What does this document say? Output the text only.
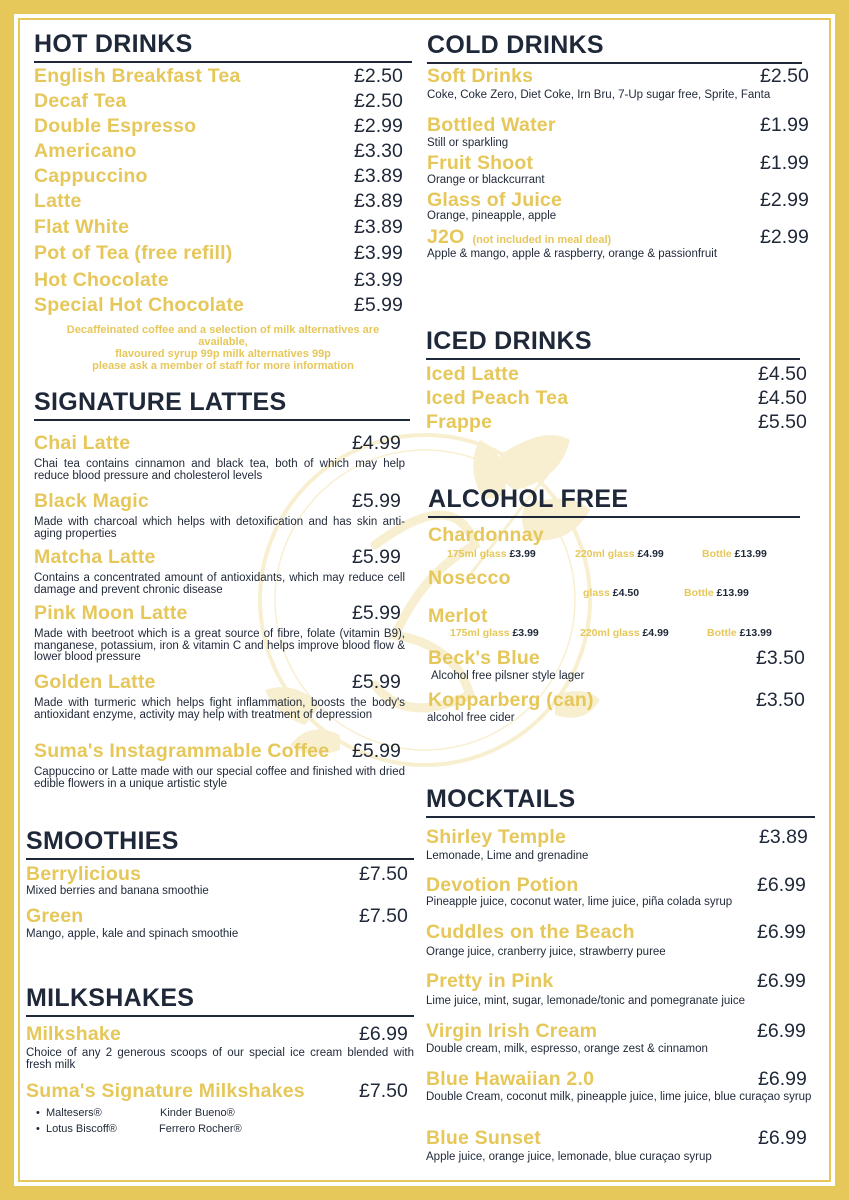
HOT DRINKS
English Breakfast Tea	£2.50
Decaf Tea	£2.50
Double Espresso	£2.99
Americano	£3.30
Cappuccino	£3.89
Latte	£3.89
Flat White	£3.89
Pot of Tea (free refill)	£3.99
Hot Chocolate	£3.99
Special Hot Chocolate	£5.99
Decaffeinated coffee and a selection of milk alternatives are
available,
flavoured syrup 99p milk alternatives 99p
please ask a member of staff for more information
SIGNATURE LATTES
Chai Latte	£4.99
Chai tea contains cinnamon and black tea, both of which may help reduce blood pressure and cholesterol levels
Black Magic	£5.99
Made with charcoal which helps with detoxification and has skin anti-aging properties
Matcha Latte	£5.99
Contains a concentrated amount of antioxidants, which may reduce cell damage and prevent chronic disease
Pink Moon Latte	£5.99
Made with beetroot which is a great source of fibre, folate (vitamin B9), manganese, potassium, iron & vitamin C and helps improve blood flow & lower blood pressure
Golden Latte	£5.99
Made with turmeric which helps fight inflammation, boosts the body's antioxidant enzyme, activity may help with treatment of depression
Suma's Instagrammable Coffee £5.99
Cappuccino or Latte made with our special coffee and finished with dried edible flowers in a unique artistic style
SMOOTHIES
Berrylicious	£7.50
Mixed berries and banana smoothie
Green	£7.50
Mango, apple, kale and spinach smoothie
MILKSHAKES
Milkshake	£6.99
Choice of any 2 generous scoops of our special ice cream blended with fresh milk
Suma's Signature Milkshakes	£7.50
•  Maltesers®	Kinder Bueno®
•  Lotus Biscoff®	Ferrero Rocher®
COLD DRINKS
Soft Drinks	£2.50
Coke, Coke Zero, Diet Coke, Irn Bru, 7-Up sugar free, Sprite, Fanta
Bottled Water	£1.99
Still or sparkling
Fruit Shoot	£1.99
Orange or blackcurrant
Glass of Juice	£2.99
Orange, pineapple, apple
J2O (not included in meal deal)	£2.99
Apple & mango, apple & raspberry, orange & passionfruit
ICED DRINKS
Iced Latte	£4.50
Iced Peach Tea	£4.50
Frappe	£5.50
ALCOHOL FREE
Chardonnay
175ml glass £3.99	220ml glass £4.99	Bottle £13.99
Nosecco
glass £4.50	Bottle £13.99
Merlot
175ml glass £3.99	220ml glass £4.99	Bottle £13.99
Beck's Blue	£3.50
Alcohol free pilsner style lager
Kopparberg (can)	£3.50
alcohol free cider
MOCKTAILS
Shirley Temple	£3.89
Lemonade, Lime and grenadine
Devotion Potion	£6.99
Pineapple juice, coconut water, lime juice, piña colada syrup
Cuddles on the Beach	£6.99
Orange juice, cranberry juice, strawberry puree
Pretty in Pink	£6.99
Lime juice, mint, sugar, lemonade/tonic and pomegranate juice
Virgin Irish Cream	£6.99
Double cream, milk, espresso, orange zest & cinnamon
Blue Hawaiian 2.0	£6.99
Double Cream, coconut milk, pineapple juice, lime juice, blue curaçao syrup
Blue Sunset	£6.99
Apple juice, orange juice, lemonade, blue curaçao syrup
